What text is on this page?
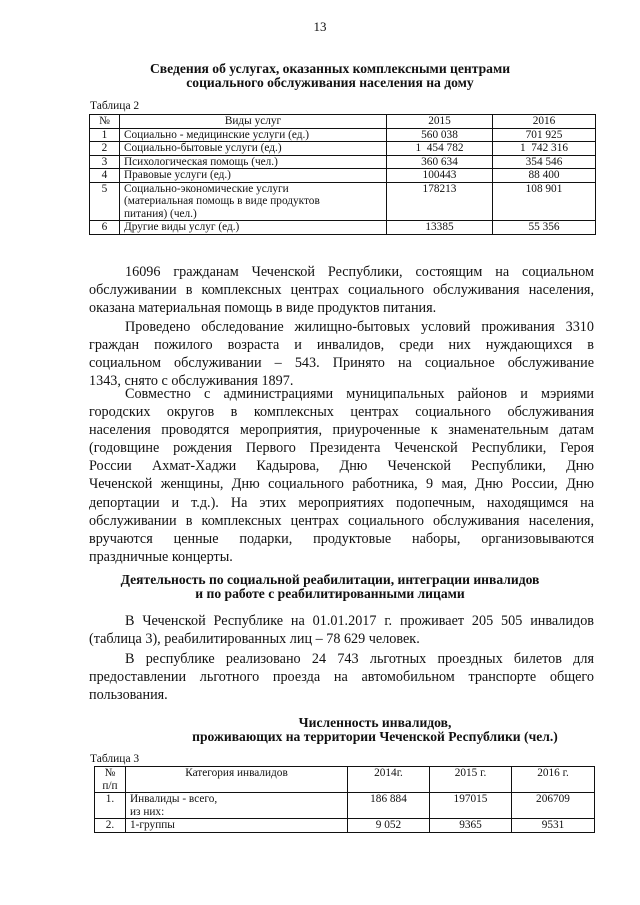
13
Сведения об услугах, оказанных комплексными центрами
социального обслуживания населения на дому
Таблица 2
№	Виды услуг	2015	2016
1	Социально - медицинские услуги (ед.)	560 038	701 925
2	Социально-бытовые услуги (ед.)	1  454 782	1  742 316
3	Психологическая помощь (чел.)	360 634	354 546
4	Правовые услуги (ед.)	100443	88 400
5	Социально-экономические услуги
(материальная помощь в виде продуктов
питания) (чел.)	178213	108 901
6	Другие виды услуг (ед.)	13385	55 356
16096 гражданам Чеченской Республики, состоящим на социальном
обслуживании в комплексных центрах социального обслуживания населения,
оказана материальная помощь в виде продуктов питания.
Проведено обследование жилищно-бытовых условий проживания 3310
граждан пожилого возраста и инвалидов, среди них нуждающихся в
социальном обслуживании – 543. Принято на социальное обслуживание
1343, снято с обслуживания 1897.
Совместно с администрациями муниципальных районов и мэриями
городских округов в комплексных центрах социального обслуживания
населения проводятся мероприятия, приуроченные к знаменательным датам
(годовщине рождения Первого Президента Чеченской Республики, Героя
России Ахмат-Хаджи Кадырова, Дню Чеченской Республики, Дню
Чеченской женщины, Дню социального работника, 9 мая, Дню России, Дню
депортации и т.д.). На этих мероприятиях подопечным, находящимся на
обслуживании в комплексных центрах социального обслуживания населения,
вручаются ценные подарки, продуктовые наборы, организовываются
праздничные концерты.
Деятельность по социальной реабилитации, интеграции инвалидов
и по работе с реабилитированными лицами
В Чеченской Республике на 01.01.2017 г. проживает 205 505 инвалидов
(таблица 3), реабилитированных лиц – 78 629 человек.
В республике реализовано 24 743 льготных проездных билетов для
предоставлении льготного проезда на автомобильном транспорте общего
пользования.
Численность инвалидов,
проживающих на территории Чеченской Республики (чел.)
Таблица 3
№
п/п	Категория инвалидов	2014г.	2015 г.	2016 г.
1.	Инвалиды - всего,
из них:	186 884	197015	206709
2.	1-группы	9 052	9365	9531
